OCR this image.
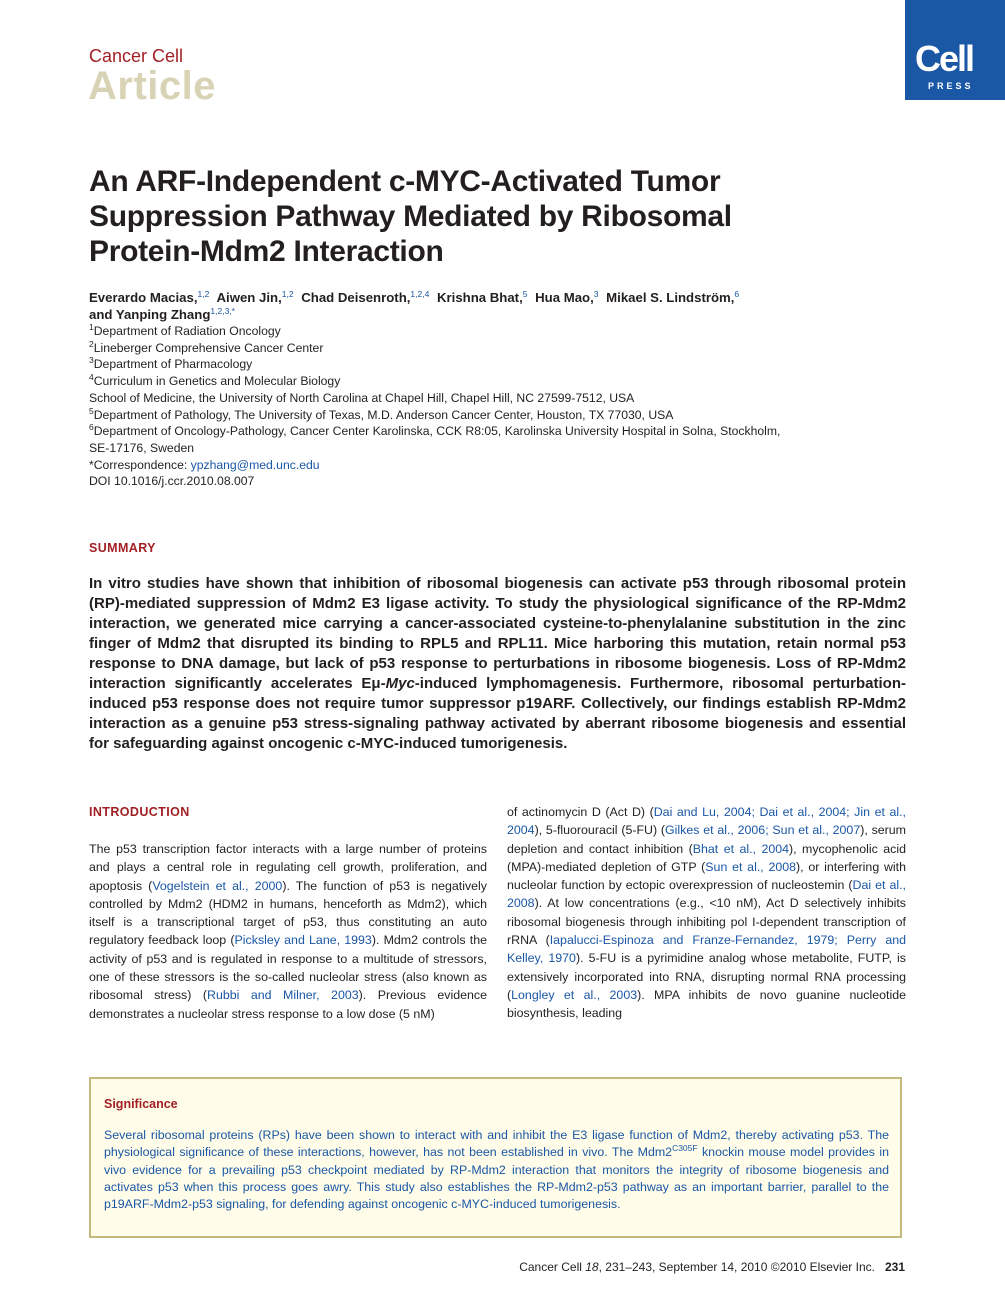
Cancer Cell
Article
Cell
PRESS
An ARF-Independent c-MYC-Activated Tumor Suppression Pathway Mediated by Ribosomal Protein-Mdm2 Interaction
Everardo Macias,$^{1,2}$ Aiwen Jin,$^{1,2}$ Chad Deisenroth,$^{1,2,4}$ Krishna Bhat,$^5$ Hua Mao,$^3$ Mikael S. Lindström,$^6$
and Yanping Zhang$^{1,2,3,*}$
$^1$Department of Radiation Oncology
$^2$Lineberger Comprehensive Cancer Center
$^3$Department of Pharmacology
$^4$Curriculum in Genetics and Molecular Biology
School of Medicine, the University of North Carolina at Chapel Hill, Chapel Hill, NC 27599-7512, USA
$^5$Department of Pathology, The University of Texas, M.D. Anderson Cancer Center, Houston, TX 77030, USA
$^6$Department of Oncology-Pathology, Cancer Center Karolinska, CCK R8:05, Karolinska University Hospital in Solna, Stockholm,
SE-17176, Sweden
*Correspondence: ypzhang@med.unc.edu
DOI 10.1016/j.ccr.2010.08.007
SUMMARY
In vitro studies have shown that inhibition of ribosomal biogenesis can activate p53 through ribosomal protein (RP)-mediated suppression of Mdm2 E3 ligase activity. To study the physiological significance of the RP-Mdm2 interaction, we generated mice carrying a cancer-associated cysteine-to-phenylalanine substitution in the zinc finger of Mdm2 that disrupted its binding to RPL5 and RPL11. Mice harboring this mutation, retain normal p53 response to DNA damage, but lack of p53 response to perturbations in ribosome biogenesis. Loss of RP-Mdm2 interaction significantly accelerates Eμ-Myc-induced lymphomagenesis. Furthermore, ribosomal perturbation-induced p53 response does not require tumor suppressor p19ARF. Collectively, our findings establish RP-Mdm2 interaction as a genuine p53 stress-signaling pathway activated by aberrant ribosome biogenesis and essential for safeguarding against oncogenic c-MYC-induced tumorigenesis.
INTRODUCTION
The p53 transcription factor interacts with a large number of proteins and plays a central role in regulating cell growth, proliferation, and apoptosis (Vogelstein et al., 2000). The function of p53 is negatively controlled by Mdm2 (HDM2 in humans, henceforth as Mdm2), which itself is a transcriptional target of p53, thus constituting an auto regulatory feedback loop (Picksley and Lane, 1993). Mdm2 controls the activity of p53 and is regulated in response to a multitude of stressors, one of these stressors is the so-called nucleolar stress (also known as ribosomal stress) (Rubbi and Milner, 2003). Previous evidence demonstrates a nucleolar stress response to a low dose (5 nM)
of actinomycin D (Act D) (Dai and Lu, 2004; Dai et al., 2004; Jin et al., 2004), 5-fluorouracil (5-FU) (Gilkes et al., 2006; Sun et al., 2007), serum depletion and contact inhibition (Bhat et al., 2004), mycophenolic acid (MPA)-mediated depletion of GTP (Sun et al., 2008), or interfering with nucleolar function by ectopic overexpression of nucleostemin (Dai et al., 2008). At low concentrations (e.g., <10 nM), Act D selectively inhibits ribosomal biogenesis through inhibiting pol I-dependent transcription of rRNA (Iapalucci-Espinoza and Franze-Fernandez, 1979; Perry and Kelley, 1970). 5-FU is a pyrimidine analog whose metabolite, FUTP, is extensively incorporated into RNA, disrupting normal RNA processing (Longley et al., 2003). MPA inhibits de novo guanine nucleotide biosynthesis, leading
Significance
Several ribosomal proteins (RPs) have been shown to interact with and inhibit the E3 ligase function of Mdm2, thereby activating p53. The physiological significance of these interactions, however, has not been established in vivo. The $Mdm2^{C305F}$ knockin mouse model provides in vivo evidence for a prevailing p53 checkpoint mediated by RP-Mdm2 interaction that monitors the integrity of ribosome biogenesis and activates p53 when this process goes awry. This study also establishes the RP-Mdm2-p53 pathway as an important barrier, parallel to the p19ARF-Mdm2-p53 signaling, for defending against oncogenic c-MYC-induced tumorigenesis.
Cancer Cell 18, 231–243, September 14, 2010 ©2010 Elsevier Inc. 231
